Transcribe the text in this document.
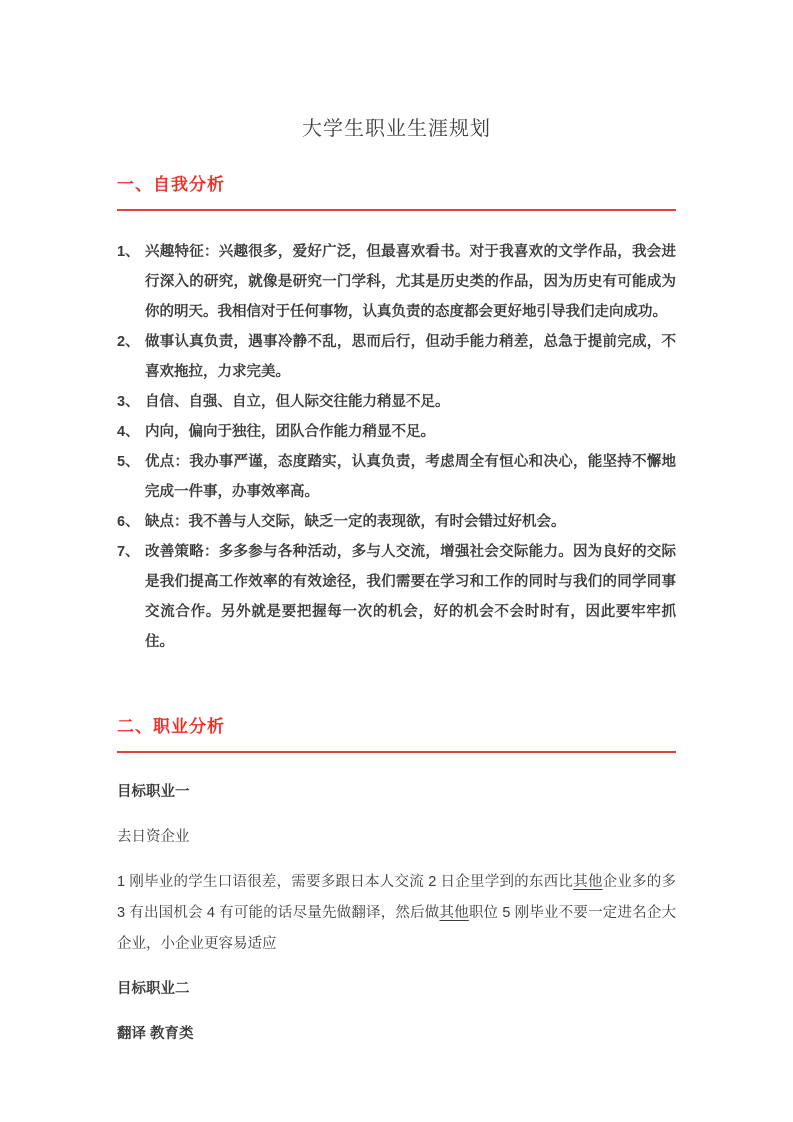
大学生职业生涯规划
一、自我分析
1、 兴趣特征：兴趣很多，爱好广泛，但最喜欢看书。对于我喜欢的文学作品，我会进行深入的研究，就像是研究一门学科，尤其是历史类的作品，因为历史有可能成为你的明天。我相信对于任何事物，认真负责的态度都会更好地引导我们走向成功。
2、 做事认真负责，遇事冷静不乱，思而后行，但动手能力稍差，总急于提前完成，不喜欢拖拉，力求完美。
3、 自信、自强、自立，但人际交往能力稍显不足。
4、 内向，偏向于独往，团队合作能力稍显不足。
5、 优点：我办事严谨，态度踏实，认真负责，考虑周全有恒心和决心，能坚持不懈地完成一件事，办事效率高。
6、 缺点：我不善与人交际，缺乏一定的表现欲，有时会错过好机会。
7、 改善策略：多多参与各种活动，多与人交流，增强社会交际能力。因为良好的交际是我们提高工作效率的有效途径，我们需要在学习和工作的同时与我们的同学同事交流合作。另外就是要把握每一次的机会，好的机会不会时时有，因此要牢牢抓住。
二、职业分析

目标职业一

去日资企业

1 刚毕业的学生口语很差，需要多跟日本人交流 2 日企里学到的东西比其他企业多的多 3 有出国机会 4 有可能的话尽量先做翻译，然后做其他职位 5 刚毕业不要一定进名企大企业，小企业更容易适应

目标职业二

翻译 教育类
